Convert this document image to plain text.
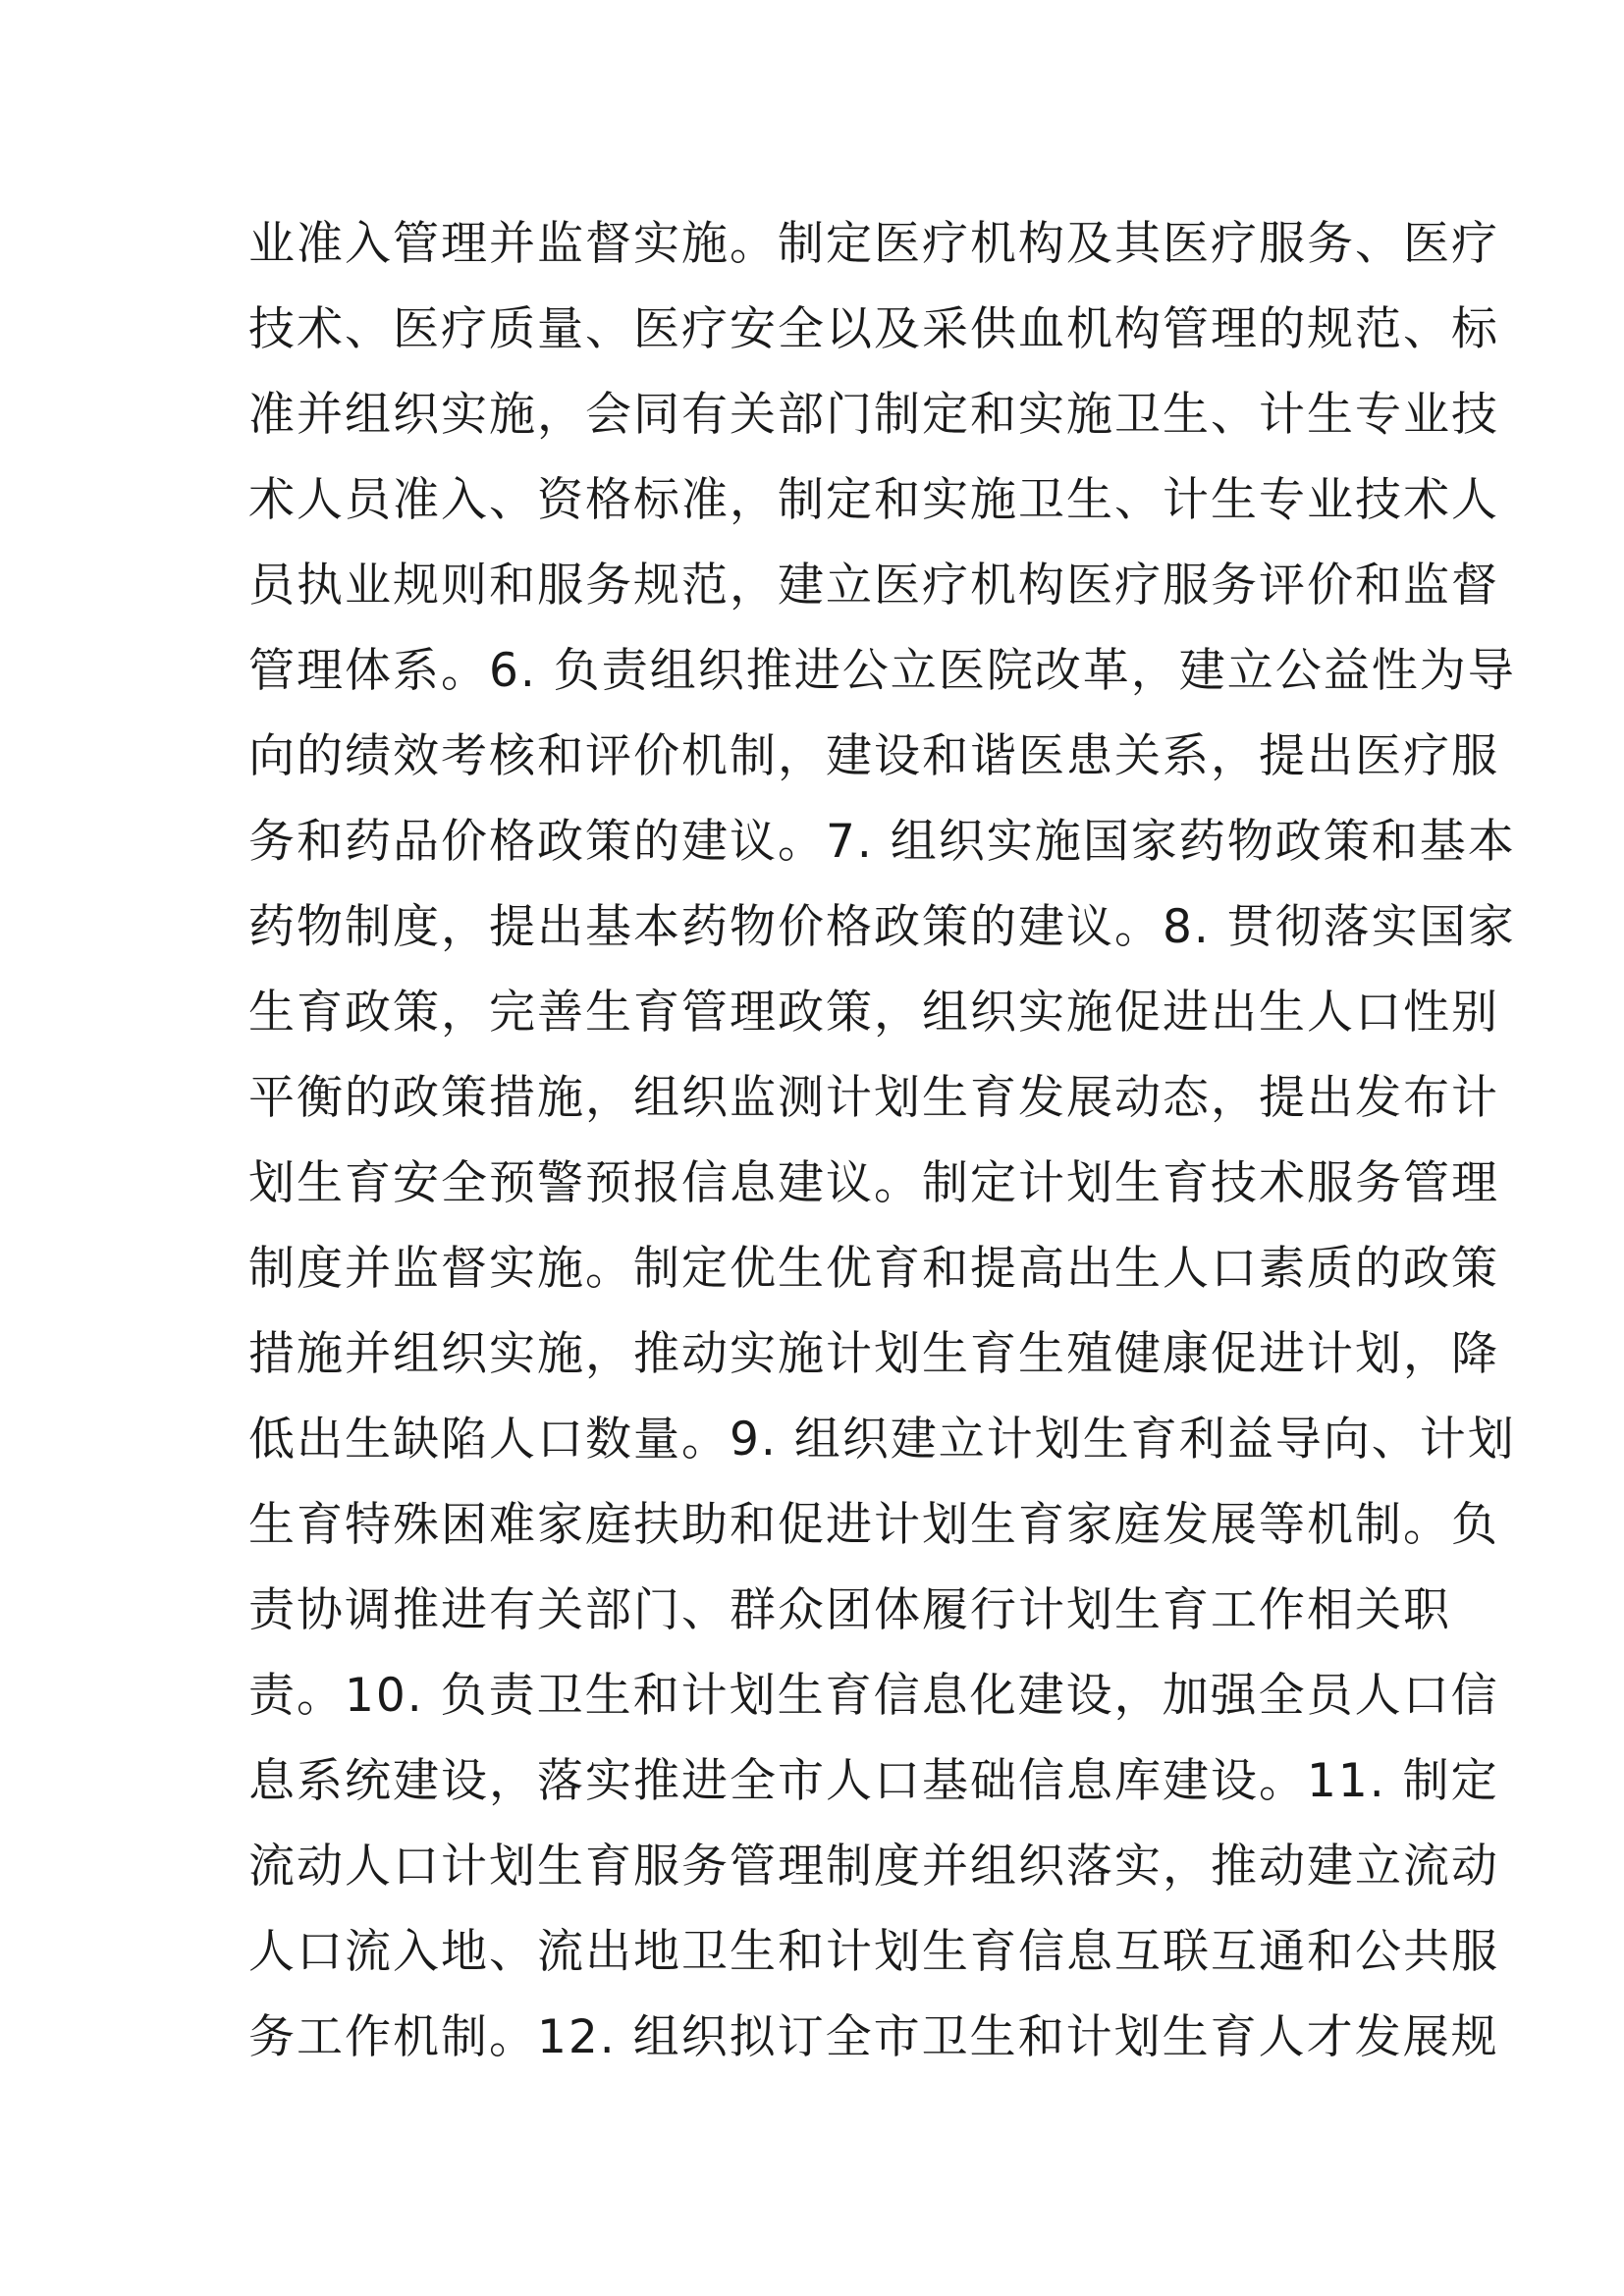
业准入管理并监督实施。制定医疗机构及其医疗服务、医疗
技术、医疗质量、医疗安全以及采供血机构管理的规范、标
准并组织实施，会同有关部门制定和实施卫生、计生专业技
术人员准入、资格标准，制定和实施卫生、计生专业技术人
员执业规则和服务规范，建立医疗机构医疗服务评价和监督
管理体系。6. 负责组织推进公立医院改革，建立公益性为导
向的绩效考核和评价机制，建设和谐医患关系，提出医疗服
务和药品价格政策的建议。7. 组织实施国家药物政策和基本
药物制度，提出基本药物价格政策的建议。8. 贯彻落实国家
生育政策，完善生育管理政策，组织实施促进出生人口性别
平衡的政策措施，组织监测计划生育发展动态，提出发布计
划生育安全预警预报信息建议。制定计划生育技术服务管理
制度并监督实施。制定优生优育和提高出生人口素质的政策
措施并组织实施，推动实施计划生育生殖健康促进计划，降
低出生缺陷人口数量。9. 组织建立计划生育利益导向、计划
生育特殊困难家庭扶助和促进计划生育家庭发展等机制。负
责协调推进有关部门、群众团体履行计划生育工作相关职
责。10. 负责卫生和计划生育信息化建设，加强全员人口信
息系统建设，落实推进全市人口基础信息库建设。11. 制定
流动人口计划生育服务管理制度并组织落实，推动建立流动
人口流入地、流出地卫生和计划生育信息互联互通和公共服
务工作机制。12. 组织拟订全市卫生和计划生育人才发展规
